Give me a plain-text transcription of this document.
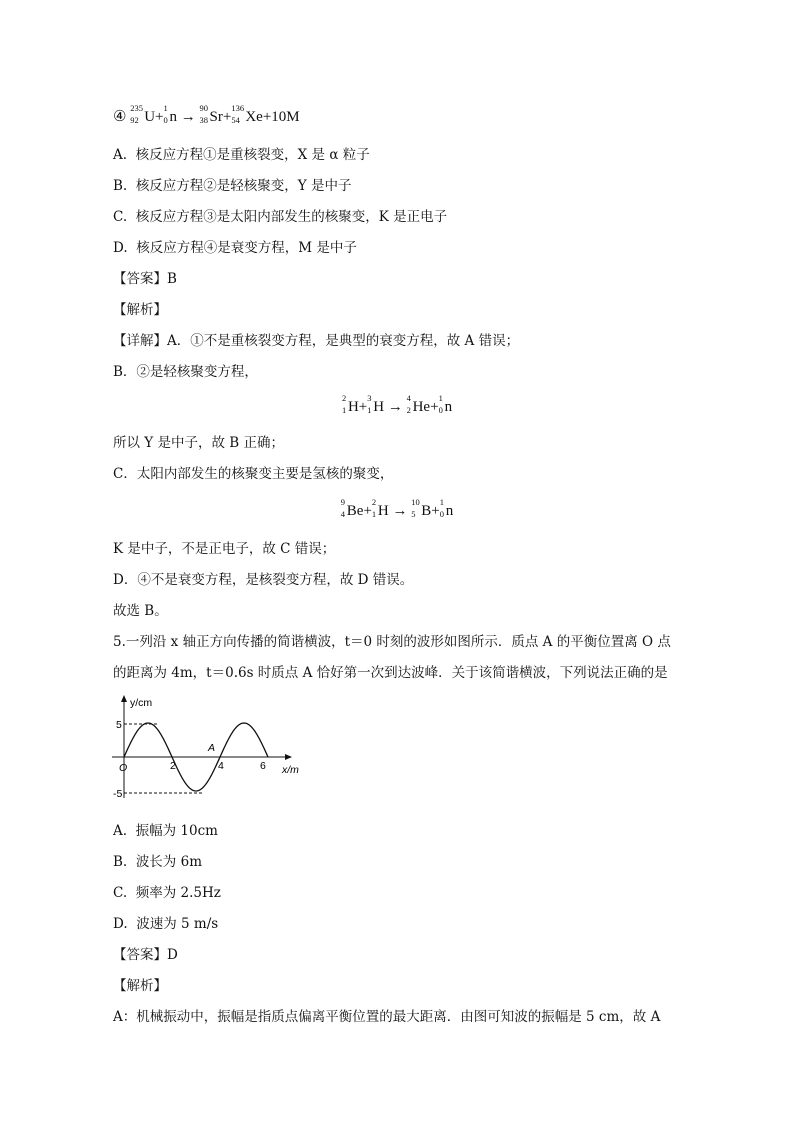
④
235
92 U+
1
0 n →
90
38 Sr+
136
54 Xe+10M
A. 核反应方程①是重核裂变，X 是 α 粒子
B. 核反应方程②是轻核聚变，Y 是中子
C. 核反应方程③是太阳内部发生的核聚变，K 是正电子
D. 核反应方程④是衰变方程，M 是中子
【答案】B
【解析】
【详解】A．①不是重核裂变方程，是典型的衰变方程，故 A 错误；
B．②是轻核聚变方程，
2
1 H+
3
1 H →
4
2 He+
1
0 n
所以 Y 是中子，故 B 正确；
C．太阳内部发生的核聚变主要是氢核的聚变，
9
4 Be+
2
1 H →
10
5 B+
1
0 n
K 是中子，不是正电子，故 C 错误；
D．④不是衰变方程，是核裂变方程，故 D 错误。
故选 B。
5.一列沿 x 轴正方向传播的简谐横波，t＝0 时刻的波形如图所示．质点 A 的平衡位置离 O 点
的距离为 4m，t＝0.6s 时质点 A 恰好第一次到达波峰．关于该简谐横波，下列说法正确的是
y/cm
x/m
O
5
-5
2	4	6
A
A. 振幅为 10cm
B. 波长为 6m
C. 频率为 2.5Hz
D. 波速为 5 m/s
【答案】D
【解析】
A：机械振动中，振幅是指质点偏离平衡位置的最大距离．由图可知波的振幅是 5 cm，故 A
